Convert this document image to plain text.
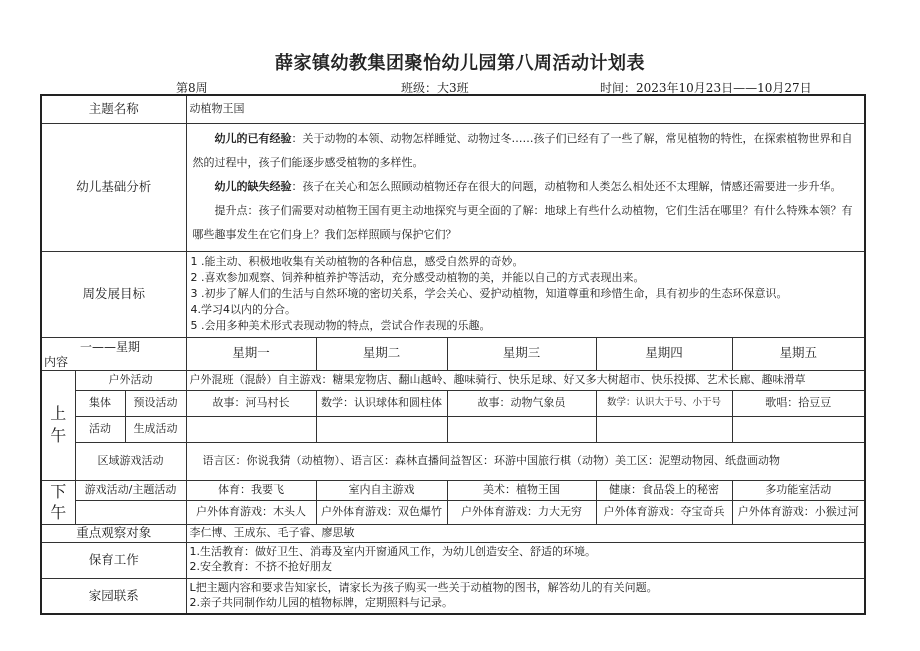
薛家镇幼教集团聚怡幼儿园第八周活动计划表
第8周	班级：大3班	时间：2023年10月23日——10月27日
主题名称			动植物王国				
幼儿基础分析			幼儿的已有经验：关于动物的本领、动物怎样睡觉、动物过冬……孩子们已经有了一些了解，常见植物的特性，在探索植物世界和自然的过程中，孩子们能逐步感受植物的多样性。

幼儿的缺失经验：孩子在关心和怎么照顾动植物还存在很大的问题，动植物和人类怎么相处还不太理解，情感还需要进一步升华。

提升点：孩子们需要对动植物王国有更主动地探究与更全面的了解：地球上有些什么动植物，它们生活在哪里？有什么特殊本领？有哪些趣事发生在它们身上？我们怎样照顾与保护它们？				

周发展目标			1 .能主动、积极地收集有关动植物的各种信息，感受自然界的奇妙。

2 .喜欢参加观察、饲养种植养护等活动，充分感受动植物的美，并能以自己的方式表现出来。

3 .初步了解人们的生活与自然环境的密切关系，学会关心、爱护动植物，知道尊重和珍惜生命，具有初步的生态环保意识。

4.学习4以内的分合。

5 .会用多种美术形式表现动物的特点，尝试合作表现的乐趣。				

一——星期
内容			星期一	星期二	星期三	星期四	星期五
上午	户外活动		户外混班（混龄）自主游戏：糖果宠物店、翻山越岭、趣味骑行、快乐足球、好又多大树超市、快乐投掷、艺术长廊、趣味滑草				
	集体	预设活动	故事：河马村长	数学：认识球体和圆柱体	故事：动物气象员	数学：认识大于号、小于号	歌唱：拾豆豆
	活动	生成活动					
	区域游戏活动		语言区：你说我猜（动植物）、语言区：森林直播间益智区：环游中国旅行棋（动物）美工区：泥塑动物园、纸盘画动物				
下午	游戏活动/主题活动		体育：我要飞	室内自主游戏	美术：植物王国	健康：食品袋上的秘密	多功能室活动
			户外体育游戏：木头人	户外体育游戏：双色爆竹	户外体育游戏：力大无穷	户外体育游戏：夺宝奇兵	户外体育游戏：小猴过河
重点观察对象			李仁博、王成东、毛子睿、廖思敏				
保育工作			1.生活教育：做好卫生、消毒及室内开窗通风工作，为幼儿创造安全、舒适的环境。
2.安全教育：不挤不抢好朋友				

家园联系			L把主题内容和要求告知家长，请家长为孩子购买一些关于动植物的图书，解答幼儿的有关问题。
2.亲子共同制作幼儿园的植物标牌，定期照料与记录。				
